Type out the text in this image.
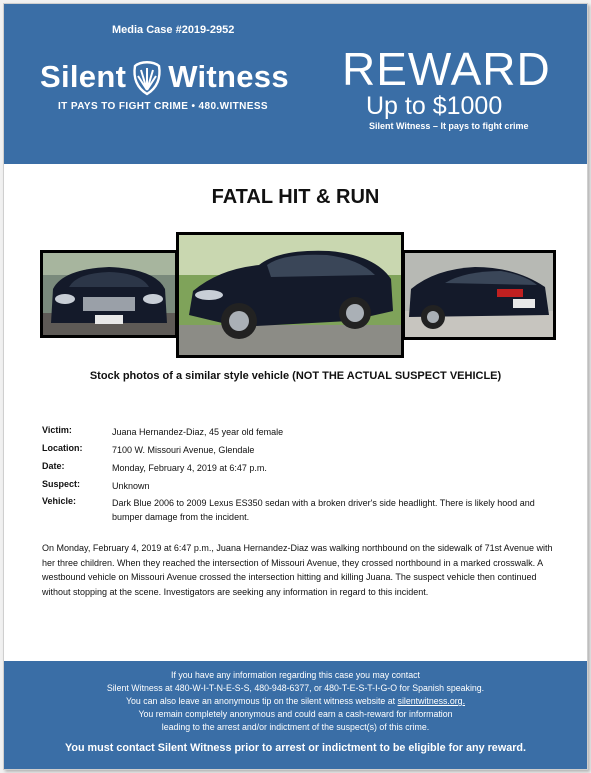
Media Case #2019-2952
Silent Witness
IT PAYS TO FIGHT CRIME • 480.WITNESS
REWARD
Up to $1000
Silent Witness – It pays to fight crime
FATAL HIT & RUN
Stock photos of a similar style vehicle (NOT THE ACTUAL SUSPECT VEHICLE)
Victim:	Juana Hernandez-Diaz, 45 year old female
Location:	7100 W. Missouri Avenue, Glendale
Date:	Monday, February 4, 2019 at 6:47 p.m.
Suspect:	Unknown
Vehicle:	Dark Blue 2006 to 2009 Lexus ES350 sedan with a broken driver's side headlight. There is likely hood and bumper damage from the incident.
On Monday, February 4, 2019 at 6:47 p.m., Juana Hernandez-Diaz was walking northbound on the sidewalk of 71st Avenue with her three children. When they reached the intersection of Missouri Avenue, they crossed northbound in a marked crosswalk. A westbound vehicle on Missouri Avenue crossed the intersection hitting and killing Juana. The suspect vehicle then continued without stopping at the scene. Investigators are seeking any information in regard to this incident.
If you have any information regarding this case you may contact
Silent Witness at 480-W-I-T-N-E-S-S, 480-948-6377, or 480-T-E-S-T-I-G-O for Spanish speaking.
You can also leave an anonymous tip on the silent witness website at silentwitness.org.
You remain completely anonymous and could earn a cash-reward for information
leading to the arrest and/or indictment of the suspect(s) of this crime.
You must contact Silent Witness prior to arrest or indictment to be eligible for any reward.
